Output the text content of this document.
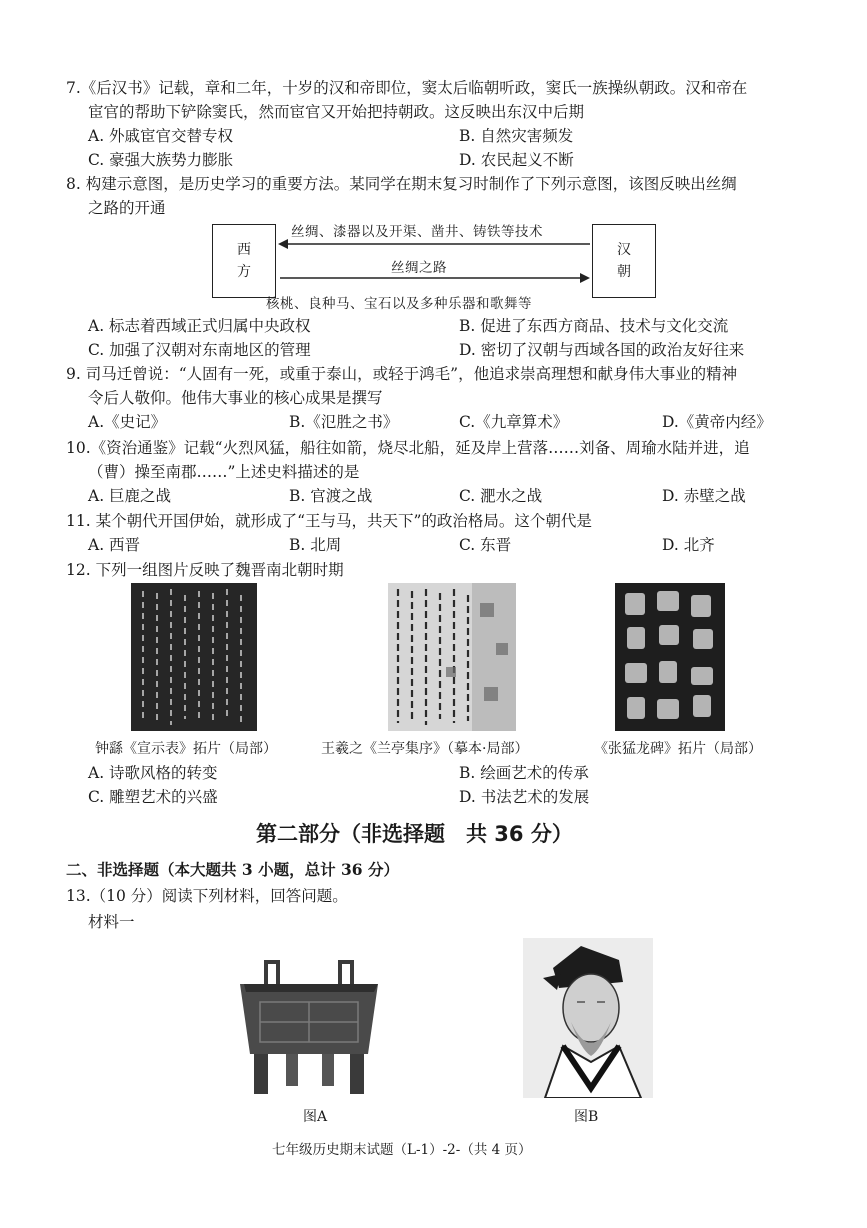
7.《后汉书》记载，章和二年，十岁的汉和帝即位，窦太后临朝听政，窦氏一族操纵朝政。汉和帝在
宦官的帮助下铲除窦氏，然而宦官又开始把持朝政。这反映出东汉中后期
A. 外戚宦官交替专权	B. 自然灾害频发
C. 豪强大族势力膨胀	D. 农民起义不断
8. 构建示意图，是历史学习的重要方法。某同学在期末复习时制作了下列示意图，该图反映出丝绸
之路的开通
西
方
汉
朝
丝绸、漆器以及开渠、凿井、铸铁等技术
丝绸之路
核桃、良种马、宝石以及多种乐器和歌舞等
A. 标志着西域正式归属中央政权	B. 促进了东西方商品、技术与文化交流
C. 加强了汉朝对东南地区的管理	D. 密切了汉朝与西域各国的政治友好往来
9. 司马迁曾说：“人固有一死，或重于泰山，或轻于鸿毛”，他追求崇高理想和献身伟大事业的精神
令后人敬仰。他伟大事业的核心成果是撰写
A.《史记》	B.《氾胜之书》	C.《九章算术》	D.《黄帝内经》
10.《资治通鉴》记载“火烈风猛，船往如箭，烧尽北船，延及岸上营落……刘备、周瑜水陆并进，追
（曹）操至南郡……”上述史料描述的是
A. 巨鹿之战	B. 官渡之战	C. 淝水之战	D. 赤壁之战
11. 某个朝代开国伊始，就形成了“王与马，共天下”的政治格局。这个朝代是
A. 西晋	B. 北周	C. 东晋	D. 北齐
12. 下列一组图片反映了魏晋南北朝时期
钟繇《宣示表》拓片（局部）	王羲之《兰亭集序》（摹本·局部）	《张猛龙碑》拓片（局部）
A. 诗歌风格的转变	B. 绘画艺术的传承
C. 雕塑艺术的兴盛	D. 书法艺术的发展
第二部分（非选择题　共 36 分）
二、非选择题（本大题共 3 小题，总计 36 分）
13.（10 分）阅读下列材料，回答问题。
材料一
图A	图B
七年级历史期末试题（L-1）-2-（共 4 页）
